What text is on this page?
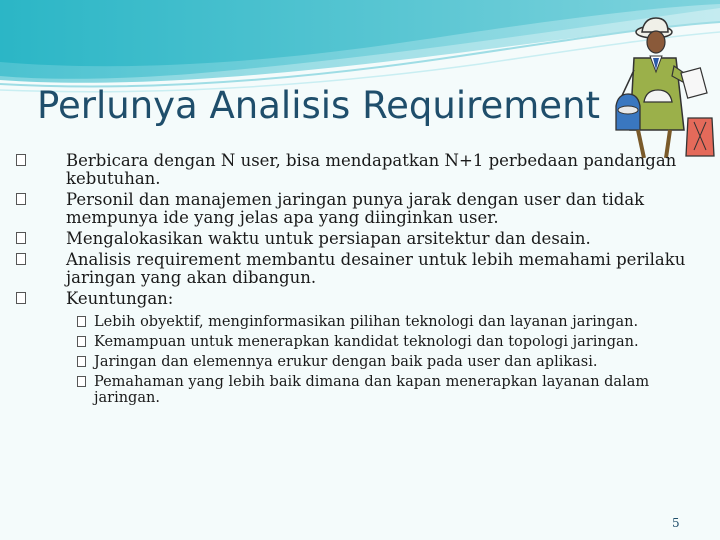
Perlunya Analisis Requirement

Berbicara dengan N user, bisa mendapatkan N+1 perbedaan pandangan kebutuhan.

Personil dan manajemen jaringan punya jarak dengan user dan tidak mempunya ide yang jelas apa yang diinginkan user.

Mengalokasikan waktu untuk persiapan arsitektur dan desain.

Analisis requirement membantu desainer untuk lebih memahami perilaku jaringan yang akan dibangun.

Keuntungan:

Lebih obyektif, menginformasikan pilihan teknologi dan layanan jaringan.

Kemampuan untuk menerapkan kandidat teknologi dan topologi jaringan.

Jaringan dan elemennya erukur dengan baik pada user dan aplikasi.

Pemahaman yang lebih baik dimana dan kapan menerapkan layanan dalam jaringan.

5
